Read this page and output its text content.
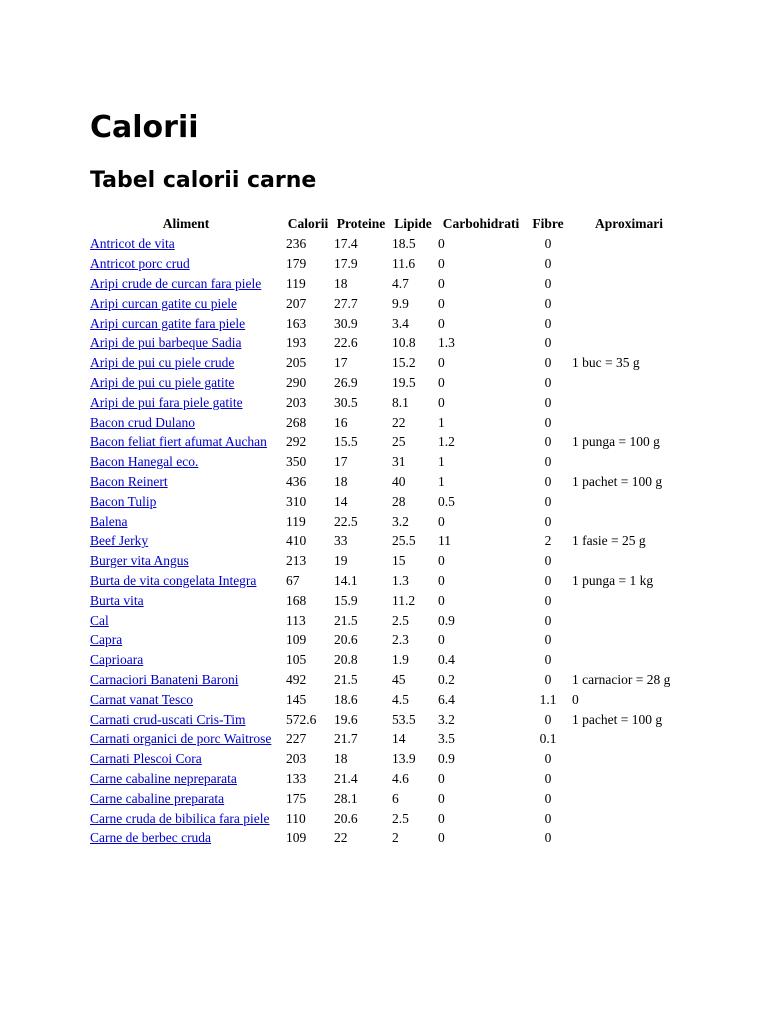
Calorii
Tabel calorii carne
Aliment	Calorii	Proteine	Lipide	Carbohidrati	Fibre	Aproximari
Antricot de vita	236	17.4	18.5	0	0	
Antricot porc crud	179	17.9	11.6	0	0	
Aripi crude de curcan fara piele	119	18	4.7	0	0	
Aripi curcan gatite cu piele	207	27.7	9.9	0	0	
Aripi curcan gatite fara piele	163	30.9	3.4	0	0	
Aripi de pui barbeque Sadia	193	22.6	10.8	1.3	0	
Aripi de pui cu piele crude	205	17	15.2	0	0	1 buc = 35 g
Aripi de pui cu piele gatite	290	26.9	19.5	0	0	
Aripi de pui fara piele gatite	203	30.5	8.1	0	0	
Bacon crud Dulano	268	16	22	1	0	
Bacon feliat fiert afumat Auchan	292	15.5	25	1.2	0	1 punga = 100 g
Bacon Hanegal eco.	350	17	31	1	0	
Bacon Reinert	436	18	40	1	0	1 pachet = 100 g
Bacon Tulip	310	14	28	0.5	0	
Balena	119	22.5	3.2	0	0	
Beef Jerky	410	33	25.5	11	2	1 fasie = 25 g
Burger vita Angus	213	19	15	0	0	
Burta de vita congelata Integra	67	14.1	1.3	0	0	1 punga = 1 kg
Burta vita	168	15.9	11.2	0	0	
Cal	113	21.5	2.5	0.9	0	
Capra	109	20.6	2.3	0	0	
Caprioara	105	20.8	1.9	0.4	0	
Carnaciori Banateni Baroni	492	21.5	45	0.2	0	1 carnacior = 28 g
Carnat vanat Tesco	145	18.6	4.5	6.4	1.1	0
Carnati crud-uscati Cris-Tim	572.6	19.6	53.5	3.2	0	1 pachet = 100 g
Carnati organici de porc Waitrose	227	21.7	14	3.5	0.1	
Carnati Plescoi Cora	203	18	13.9	0.9	0	
Carne cabaline nepreparata	133	21.4	4.6	0	0	
Carne cabaline preparata	175	28.1	6	0	0	
Carne cruda de bibilica fara piele	110	20.6	2.5	0	0	
Carne de berbec cruda	109	22	2	0	0	
